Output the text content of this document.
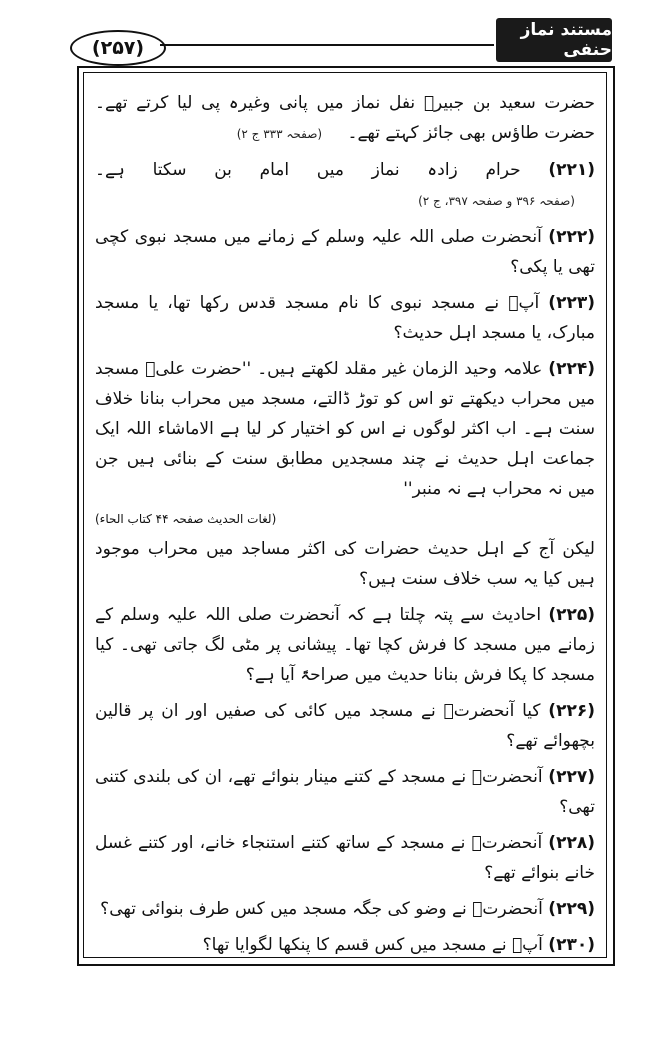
(۲۵۷)
مستند نماز حنفی

حضرت سعید بن جبیرؒ نفل نماز میں پانی وغیرہ پی لیا کرتے تھے۔ حضرت طاؤس بھی جائز کہتے تھے۔ (صفحہ ۳۳۳ ج ۲)

(۲۲۱) حرام زادہ نماز میں امام بن سکتا ہے۔ (صفحہ ۳۹۶ و صفحہ ۳۹۷، ج ۲)

(۲۲۲) آنحضرت صلی اللہ علیہ وسلم کے زمانے میں مسجد نبوی کچی تھی یا پکی؟

(۲۲۳) آپؐ نے مسجد نبوی کا نام مسجد قدس رکھا تھا، یا مسجد مبارک، یا مسجد اہل حدیث؟

(۲۲۴) علامہ وحید الزمان غیر مقلد لکھتے ہیں۔ ''حضرت علیؓ مسجد میں محراب دیکھتے تو اس کو توڑ ڈالتے، مسجد میں محراب بنانا خلاف سنت ہے۔ اب اکثر لوگوں نے اس کو اختیار کر لیا ہے الاماشاء اللہ ایک جماعت اہل حدیث نے چند مسجدیں مطابق سنت کے بنائی ہیں جن میں نہ محراب ہے نہ منبر''

(لغات الحدیث صفحہ ۴۴ کتاب الحاء)

لیکن آج کے اہل حدیث حضرات کی اکثر مساجد میں محراب موجود ہیں کیا یہ سب خلاف سنت ہیں؟

(۲۲۵) احادیث سے پتہ چلتا ہے کہ آنحضرت صلی اللہ علیہ وسلم کے زمانے میں مسجد کا فرش کچا تھا۔ پیشانی پر مٹی لگ جاتی تھی۔ کیا مسجد کا پکا فرش بنانا حدیث میں صراحۃً آیا ہے؟

(۲۲۶) کیا آنحضرتؐ نے مسجد میں کائی کی صفیں اور ان پر قالین بچھوائے تھے؟

(۲۲۷) آنحضرتؐ نے مسجد کے کتنے مینار بنوائے تھے، ان کی بلندی کتنی تھی؟

(۲۲۸) آنحضرتؐ نے مسجد کے ساتھ کتنے استنجاء خانے، اور کتنے غسل خانے بنوائے تھے؟

(۲۲۹) آنحضرتؐ نے وضو کی جگہ مسجد میں کس طرف بنوائی تھی؟

(۲۳۰) آپؐ نے مسجد میں کس قسم کا پنکھا لگوایا تھا؟
